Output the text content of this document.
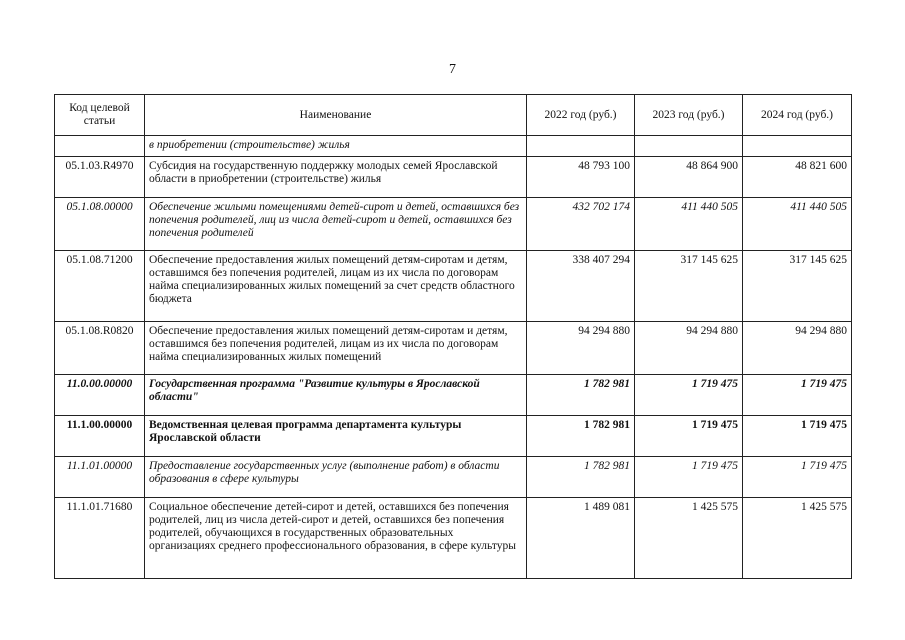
7
Код целевой статьи	Наименование	2022 год (руб.)	2023 год (руб.)	2024 год (руб.)
	в приобретении (строительстве) жилья			
05.1.03.R4970	Субсидия на государственную поддержку молодых семей Ярославской области в приобретении (строительстве) жилья	48 793 100	48 864 900	48 821 600
05.1.08.00000	Обеспечение жилыми помещениями детей-сирот и детей, оставшихся без попечения родителей, лиц из числа детей-сирот и детей, оставшихся без попечения родителей	432 702 174	411 440 505	411 440 505
05.1.08.71200	Обеспечение предоставления жилых помещений детям-сиротам и детям, оставшимся без попечения родителей, лицам из их числа по договорам найма специализированных жилых помещений за счет средств областного бюджета	338 407 294	317 145 625	317 145 625
05.1.08.R0820	Обеспечение предоставления жилых помещений детям-сиротам и детям, оставшимся без попечения родителей, лицам из их числа по договорам найма специализированных жилых помещений	94 294 880	94 294 880	94 294 880
11.0.00.00000	Государственная программа "Развитие культуры в Ярославской области"	1 782 981	1 719 475	1 719 475
11.1.00.00000	Ведомственная целевая программа департамента культуры Ярославской области	1 782 981	1 719 475	1 719 475
11.1.01.00000	Предоставление государственных услуг (выполнение работ) в области образования в сфере культуры	1 782 981	1 719 475	1 719 475
11.1.01.71680	Социальное обеспечение детей-сирот и детей, оставшихся без попечения родителей, лиц из числа детей-сирот и детей, оставшихся без попечения родителей, обучающихся в государственных образовательных организациях среднего профессионального образования, в сфере культуры	1 489 081	1 425 575	1 425 575
